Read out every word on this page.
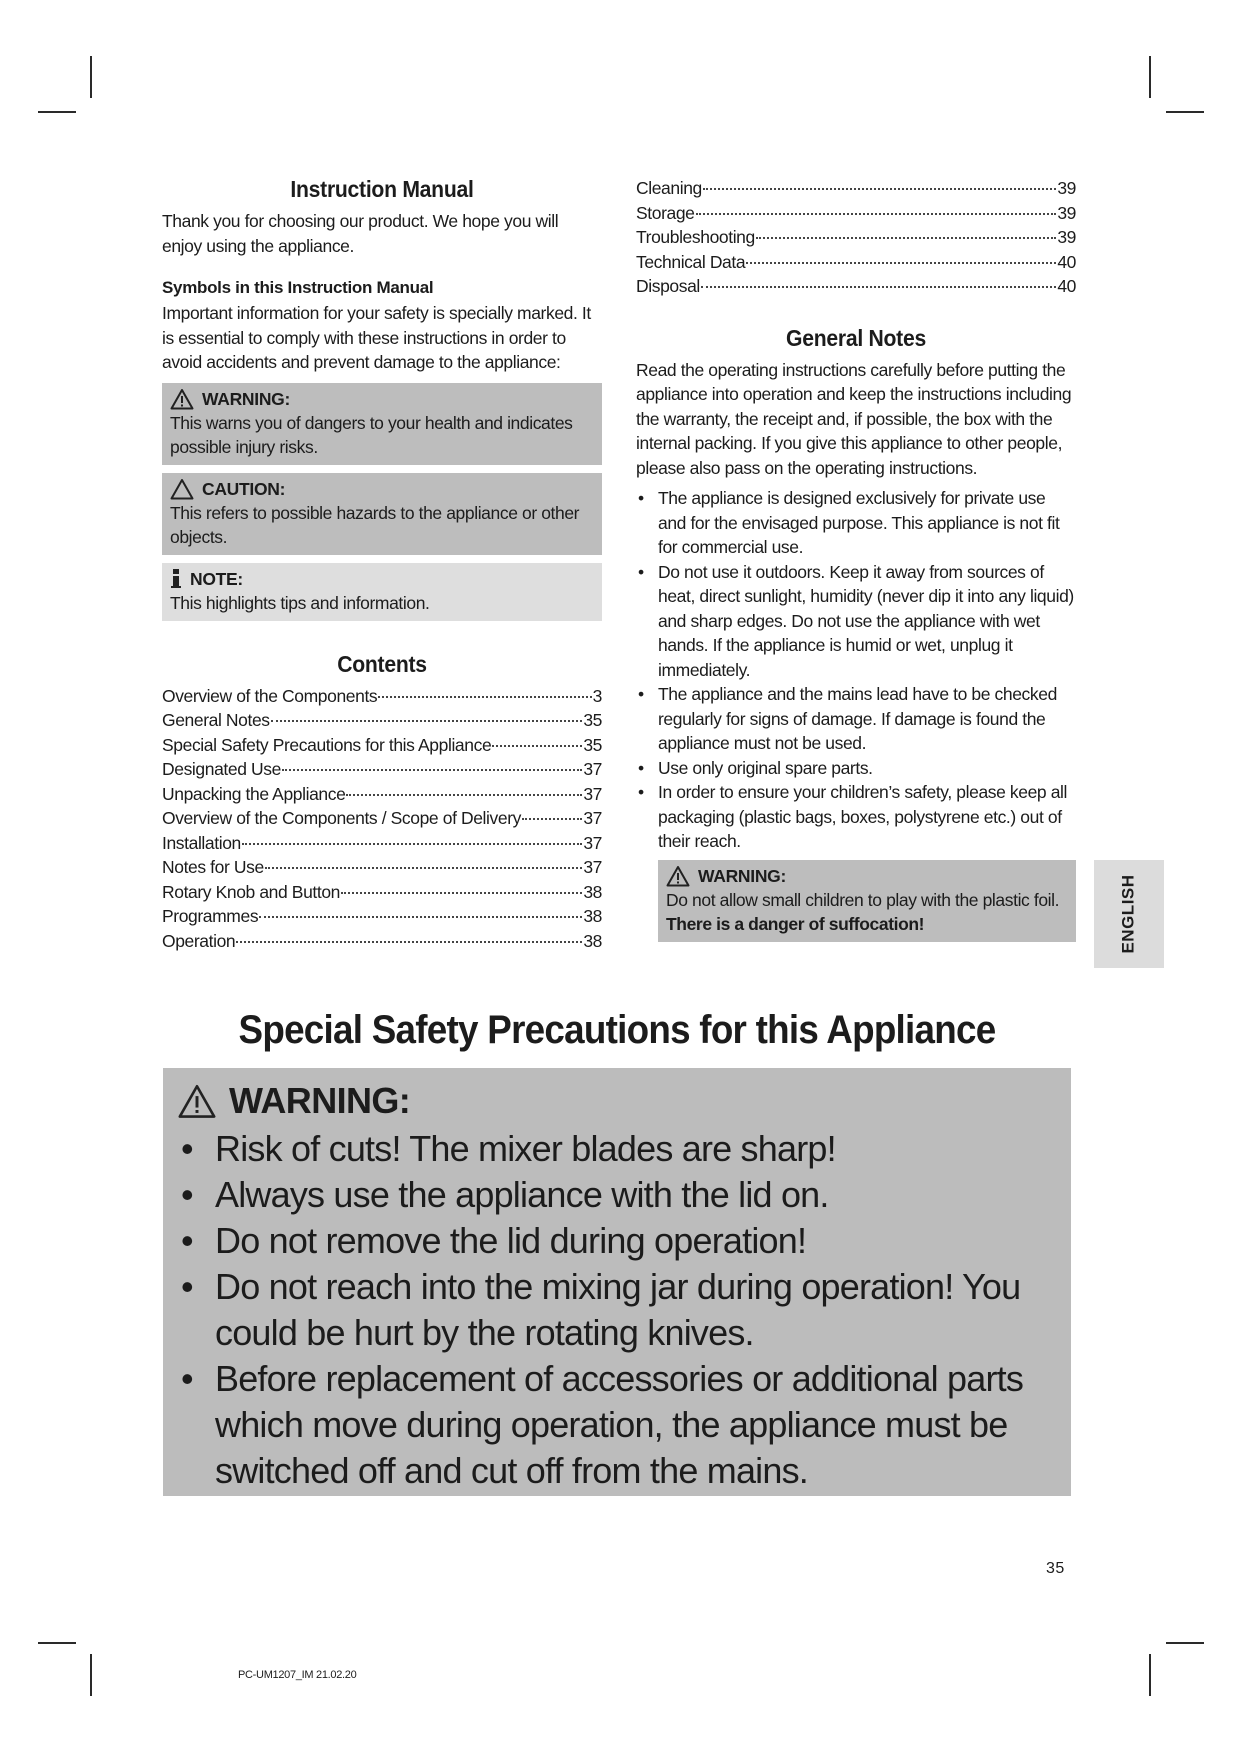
Instruction Manual

Thank you for choosing our product. We hope you will enjoy using the appliance.

Symbols in this Instruction Manual

Important information for your safety is specially marked. It is essential to comply with these instructions in order to avoid accidents and prevent damage to the appliance:

WARNING:
This warns you of dangers to your health and indicates possible injury risks.
CAUTION:
This refers to possible hazards to the appliance or other objects.
NOTE:
This highlights tips and information.
Contents
Overview of the Components	3
General Notes	35
Special Safety Precautions for this Appliance	35
Designated Use	37
Unpacking the Appliance	37
Overview of the Components / Scope of Delivery	37
Installation	37
Notes for Use	37
Rotary Knob and Button	38
Programmes	38
Operation	38
Cleaning	39
Storage	39
Troubleshooting	39
Technical Data	40
Disposal	40
General Notes

Read the operating instructions carefully before putting the appliance into operation and keep the instructions including the warranty, the receipt and, if possible, the box with the internal packing. If you give this appliance to other people, please also pass on the operating instructions.

• The appliance is designed exclusively for private use and for the envisaged purpose. This appliance is not fit for commercial use.
• Do not use it outdoors. Keep it away from sources of heat, direct sunlight, humidity (never dip it into any liquid) and sharp edges. Do not use the appliance with wet hands. If the appliance is humid or wet, unplug it immediately.
• The appliance and the mains lead have to be checked regularly for signs of damage. If damage is found the appliance must not be used.
• Use only original spare parts.
• In order to ensure your children’s safety, please keep all packaging (plastic bags, boxes, polystyrene etc.) out of their reach.
WARNING:
Do not allow small children to play with the plastic foil.
There is a danger of suffocation!	ENGLISH
Special Safety Precautions for this Appliance
WARNING:
• Risk of cuts! The mixer blades are sharp!
• Always use the appliance with the lid on.
• Do not remove the lid during operation!
• Do not reach into the mixing jar during operation! You could be hurt by the rotating knives.
• Before replacement of accessories or additional parts which move during operation, the appliance must be switched off and cut off from the mains.
35
PC-UM1207_IM 21.02.20
